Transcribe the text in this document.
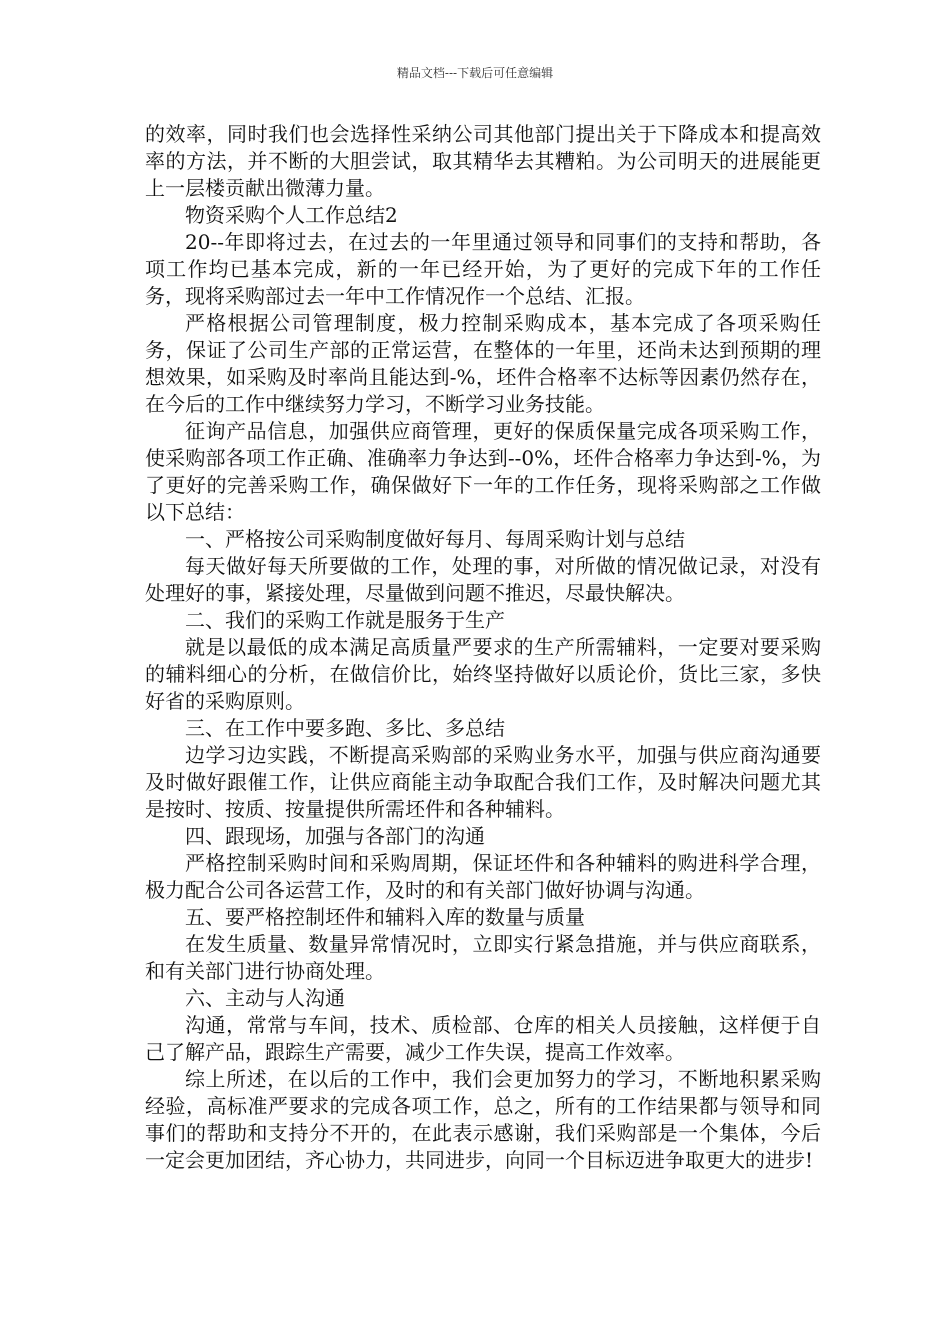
精品文档---下载后可任意编辑

的效率，同时我们也会选择性采纳公司其他部门提出关于下降成本和提高效率的方法，并不断的大胆尝试，取其精华去其糟粕。为公司明天的进展能更上一层楼贡献出微薄力量。

物资采购个人工作总结2

20--年即将过去，在过去的一年里通过领导和同事们的支持和帮助，各项工作均已基本完成，新的一年已经开始，为了更好的完成下年的工作任务，现将采购部过去一年中工作情况作一个总结、汇报。

严格根据公司管理制度，极力控制采购成本，基本完成了各项采购任务，保证了公司生产部的正常运营，在整体的一年里，还尚未达到预期的理想效果，如采购及时率尚且能达到-%，坯件合格率不达标等因素仍然存在，在今后的工作中继续努力学习，不断学习业务技能。

征询产品信息，加强供应商管理，更好的保质保量完成各项采购工作，使采购部各项工作正确、准确率力争达到--0%，坯件合格率力争达到-%，为了更好的完善采购工作，确保做好下一年的工作任务，现将采购部之工作做以下总结：

一、严格按公司采购制度做好每月、每周采购计划与总结

每天做好每天所要做的工作，处理的事，对所做的情况做记录，对没有处理好的事，紧接处理，尽量做到问题不推迟，尽最快解决。

二、我们的采购工作就是服务于生产

就是以最低的成本满足高质量严要求的生产所需辅料，一定要对要采购的辅料细心的分析，在做信价比，始终坚持做好以质论价，货比三家，多快好省的采购原则。

三、在工作中要多跑、多比、多总结

边学习边实践，不断提高采购部的采购业务水平，加强与供应商沟通要及时做好跟催工作，让供应商能主动争取配合我们工作，及时解决问题尤其是按时、按质、按量提供所需坯件和各种辅料。

四、跟现场，加强与各部门的沟通

严格控制采购时间和采购周期，保证坯件和各种辅料的购进科学合理，极力配合公司各运营工作，及时的和有关部门做好协调与沟通。

五、要严格控制坯件和辅料入库的数量与质量

在发生质量、数量异常情况时，立即实行紧急措施，并与供应商联系，和有关部门进行协商处理。

六、主动与人沟通

沟通，常常与车间，技术、质检部、仓库的相关人员接触，这样便于自己了解产品，跟踪生产需要，减少工作失误，提高工作效率。

综上所述，在以后的工作中，我们会更加努力的学习，不断地积累采购经验，高标准严要求的完成各项工作，总之，所有的工作结果都与领导和同事们的帮助和支持分不开的，在此表示感谢，我们采购部是一个集体，今后一定会更加团结，齐心协力，共同进步，向同一个目标迈进争取更大的进步!
